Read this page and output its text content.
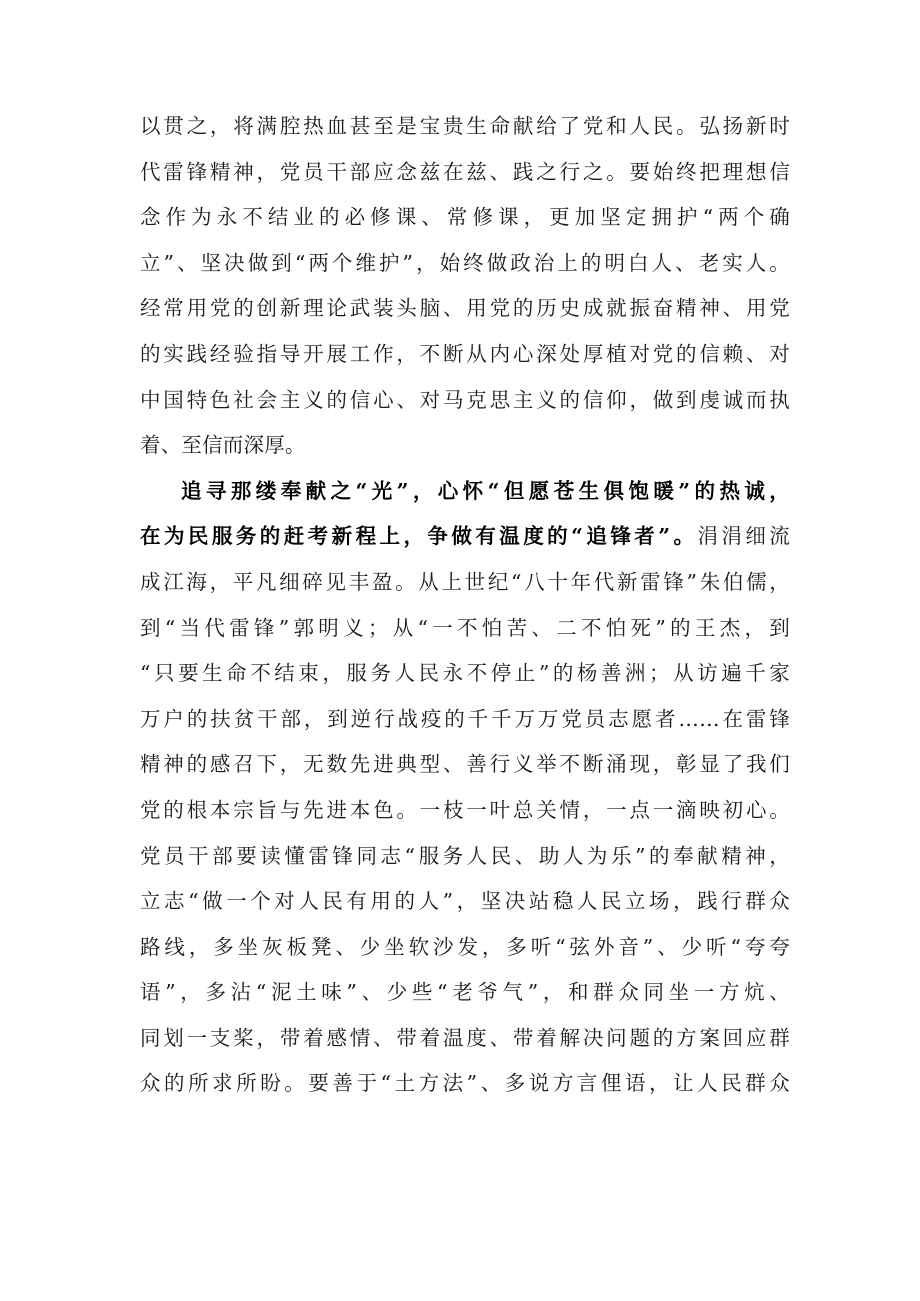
以贯之，将满腔热血甚至是宝贵生命献给了党和人民。弘扬新时
代雷锋精神，党员干部应念兹在兹、践之行之。要始终把理想信
念作为永不结业的必修课、常修课，更加坚定拥护“两个确
立”、坚决做到“两个维护”，始终做政治上的明白人、老实人。
经常用党的创新理论武装头脑、用党的历史成就振奋精神、用党
的实践经验指导开展工作，不断从内心深处厚植对党的信赖、对
中国特色社会主义的信心、对马克思主义的信仰，做到虔诚而执
着、至信而深厚。
追寻那缕奉献之“光”，心怀“但愿苍生俱饱暖”的热诚，
在为民服务的赶考新程上，争做有温度的“追锋者”。涓涓细流
成江海，平凡细碎见丰盈。从上世纪“八十年代新雷锋”朱伯儒，
到“当代雷锋”郭明义；从“一不怕苦、二不怕死”的王杰，到
“只要生命不结束，服务人民永不停止”的杨善洲；从访遍千家
万户的扶贫干部，到逆行战疫的千千万万党员志愿者……在雷锋
精神的感召下，无数先进典型、善行义举不断涌现，彰显了我们
党的根本宗旨与先进本色。一枝一叶总关情，一点一滴映初心。
党员干部要读懂雷锋同志“服务人民、助人为乐”的奉献精神，
立志“做一个对人民有用的人”，坚决站稳人民立场，践行群众
路线，多坐灰板凳、少坐软沙发，多听“弦外音”、少听“夸夸
语”，多沾“泥土味”、少些“老爷气”，和群众同坐一方炕、
同划一支桨，带着感情、带着温度、带着解决问题的方案回应群
众的所求所盼。要善于“土方法”、多说方言俚语，让人民群众
